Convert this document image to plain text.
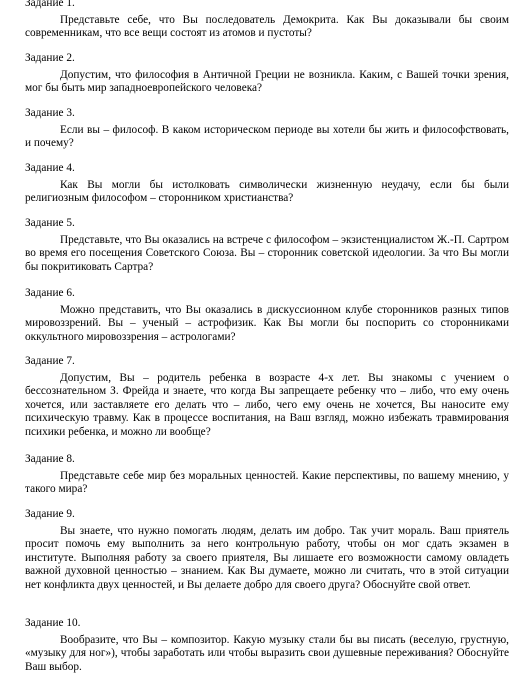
Задание 1.
Представьте себе, что Вы последователь Демокрита. Как Вы доказывали бы своим современникам, что все вещи состоят из атомов и пустоты?
Задание 2.
Допустим, что философия в Античной Греции не возникла. Каким, с Вашей точки зрения, мог бы быть мир западноевропейского человека?
Задание 3.
Если вы – философ. В каком историческом периоде вы хотели бы жить и философствовать, и почему?
Задание 4.
Как Вы могли бы истолковать символически жизненную неудачу, если бы были религиозным философом – сторонником христианства?
Задание 5.
Представьте, что Вы оказались на встрече с философом – экзистенциалистом Ж.-П. Сартром во время его посещения Советского Союза. Вы – сторонник советской идеологии. За что Вы могли бы покритиковать Сартра?
Задание 6.
Можно представить, что Вы оказались в дискуссионном клубе сторонников разных типов мировоззрений. Вы – ученый – астрофизик. Как Вы могли бы поспорить со сторонниками оккультного мировоззрения – астрологами?
Задание 7.
Допустим, Вы – родитель ребенка в возрасте 4-х лет. Вы знакомы с учением о бессознательном З. Фрейда и знаете, что когда Вы запрещаете ребенку что – либо, что ему очень хочется, или заставляете его делать что – либо, чего ему очень не хочется, Вы наносите ему психическую травму. Как в процессе воспитания, на Ваш взгляд, можно избежать травмирования психики ребенка, и можно ли вообще?
Задание 8.
Представьте себе мир без моральных ценностей. Какие перспективы, по вашему мнению, у такого мира?
Задание 9.
Вы знаете, что нужно помогать людям, делать им добро. Так учит мораль. Ваш приятель просит помочь ему выполнить за него контрольную работу, чтобы он мог сдать экзамен в институте. Выполняя работу за своего приятеля, Вы лишаете его возможности самому овладеть важной духовной ценностью – знанием. Как Вы думаете, можно ли считать, что в этой ситуации нет конфликта двух ценностей, и Вы делаете добро для своего друга? Обоснуйте свой ответ.
Задание 10.
Вообразите, что Вы – композитор. Какую музыку стали бы вы писать (веселую, грустную, «музыку для ног»), чтобы заработать или чтобы выразить свои душевные переживания? Обоснуйте Ваш выбор.
